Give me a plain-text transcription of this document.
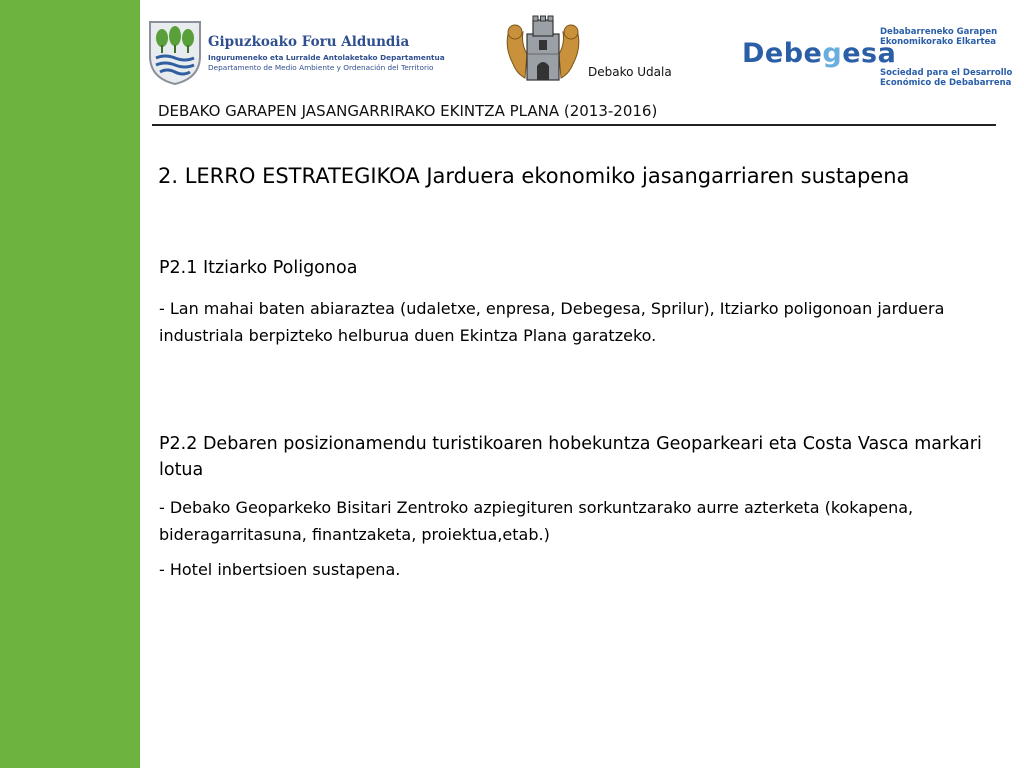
Gipuzkoako Foru Aldundia
Ingurumeneko eta Lurralde Antolaketako Departamentua
Departamento de Medio Ambiente y Ordenación del Territorio	Debako Udala
Debegesa
Debabarreneko Garapen
Ekonomikorako Elkartea
Sociedad para el Desarrollo
Económico de Debabarrena
DEBAKO GARAPEN JASANGARRIRAKO EKINTZA PLANA (2013-2016)
2. LERRO ESTRATEGIKOA Jarduera ekonomiko jasangarriaren sustapena
P2.1 Itziarko Poligonoa
- Lan mahai baten abiaraztea (udaletxe, enpresa, Debegesa, Sprilur), Itziarko poligonoan jarduera industriala berpizteko helburua duen Ekintza Plana garatzeko.
P2.2 Debaren posizionamendu turistikoaren hobekuntza Geoparkeari eta Costa Vasca markari lotua
- Debako Geoparkeko Bisitari Zentroko azpiegituren sorkuntzarako aurre azterketa (kokapena, bideragarritasuna, finantzaketa, proiektua,etab.)
- Hotel inbertsioen sustapena.
